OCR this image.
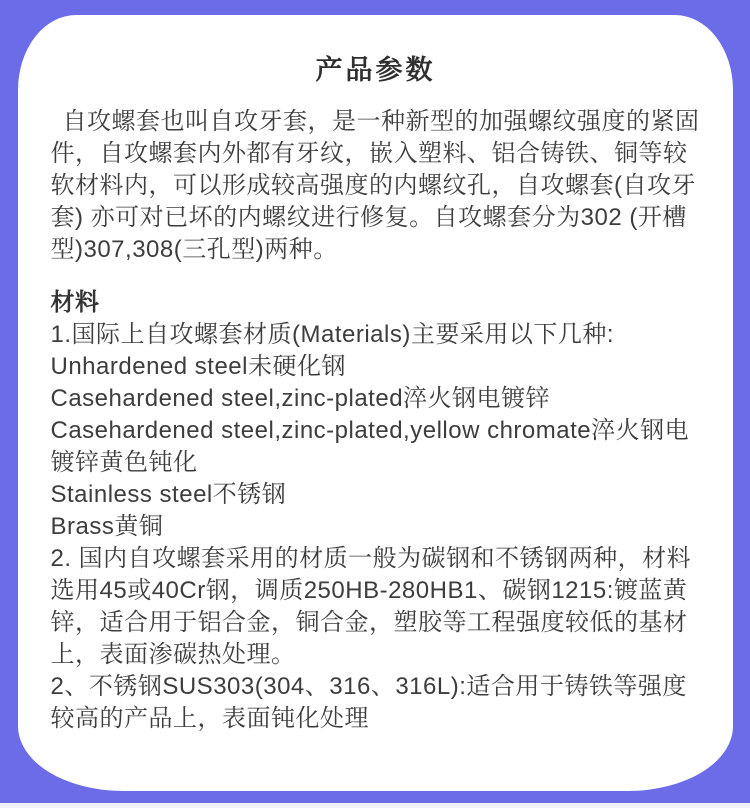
产品参数
自攻螺套也叫自攻牙套，是一种新型的加强螺纹强度的紧固件，自攻螺套内外都有牙纹，嵌入塑料、铝合铸铁、铜等较软材料内，可以形成较高强度的内螺纹孔，自攻螺套(自攻牙套) 亦可对已坏的内螺纹进行修复。自攻螺套分为302 (开槽型)307,308(三孔型)两种。
材料
1.国际上自攻螺套材质(Materials)主要采用以下几种:
Unhardened steel未硬化钢
Casehardened steel,zinc-plated淬火钢电镀锌
Casehardened steel,zinc-plated,yellow chromate淬火钢电镀锌黄色钝化
Stainless steel不锈钢
Brass黄铜
2. 国内自攻螺套采用的材质一般为碳钢和不锈钢两种，材料选用45或40Cr钢，调质250HB-280HB1、碳钢1215:镀蓝黄锌，适合用于铝合金，铜合金，塑胶等工程强度较低的基材上，表面渗碳热处理。
2、不锈钢SUS303(304、316、316L):适合用于铸铁等强度较高的产品上，表面钝化处理
